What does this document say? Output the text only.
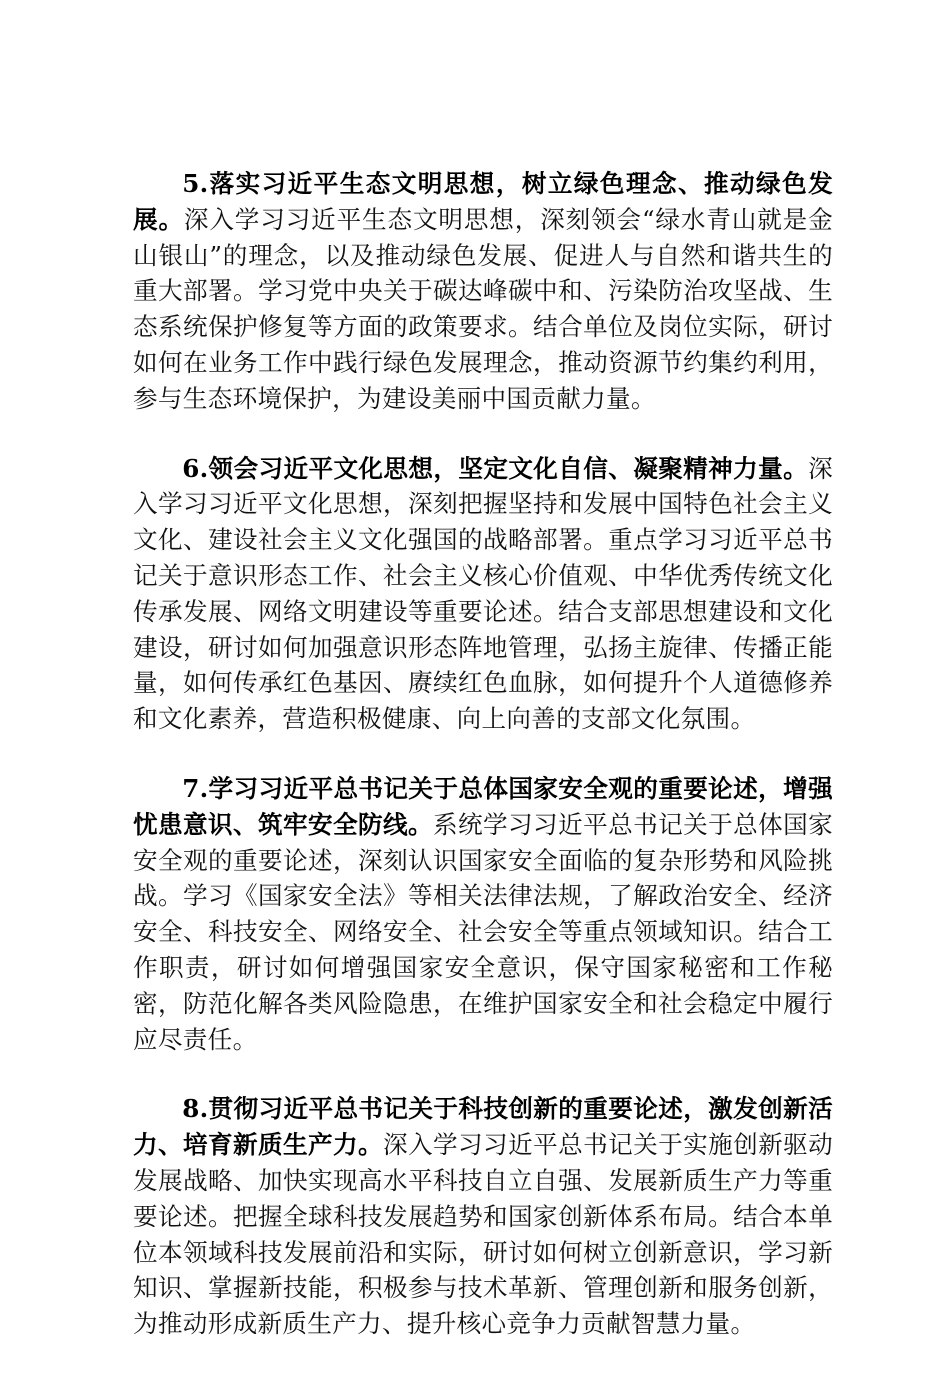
5.落实习近平生态文明思想，树立绿色理念、推动绿色发展。深入学习习近平生态文明思想，深刻领会“绿水青山就是金山银山”的理念，以及推动绿色发展、促进人与自然和谐共生的重大部署。学习党中央关于碳达峰碳中和、污染防治攻坚战、生态系统保护修复等方面的政策要求。结合单位及岗位实际，研讨如何在业务工作中践行绿色发展理念，推动资源节约集约利用，参与生态环境保护，为建设美丽中国贡献力量。

6.领会习近平文化思想，坚定文化自信、凝聚精神力量。深入学习习近平文化思想，深刻把握坚持和发展中国特色社会主义文化、建设社会主义文化强国的战略部署。重点学习习近平总书记关于意识形态工作、社会主义核心价值观、中华优秀传统文化传承发展、网络文明建设等重要论述。结合支部思想建设和文化建设，研讨如何加强意识形态阵地管理，弘扬主旋律、传播正能量，如何传承红色基因、赓续红色血脉，如何提升个人道德修养和文化素养，营造积极健康、向上向善的支部文化氛围。

7.学习习近平总书记关于总体国家安全观的重要论述，增强忧患意识、筑牢安全防线。系统学习习近平总书记关于总体国家安全观的重要论述，深刻认识国家安全面临的复杂形势和风险挑战。学习《国家安全法》等相关法律法规，了解政治安全、经济安全、科技安全、网络安全、社会安全等重点领域知识。结合工作职责，研讨如何增强国家安全意识，保守国家秘密和工作秘密，防范化解各类风险隐患，在维护国家安全和社会稳定中履行应尽责任。

8.贯彻习近平总书记关于科技创新的重要论述，激发创新活力、培育新质生产力。深入学习习近平总书记关于实施创新驱动发展战略、加快实现高水平科技自立自强、发展新质生产力等重要论述。把握全球科技发展趋势和国家创新体系布局。结合本单位本领域科技发展前沿和实际，研讨如何树立创新意识，学习新知识、掌握新技能，积极参与技术革新、管理创新和服务创新，为推动形成新质生产力、提升核心竞争力贡献智慧力量。
